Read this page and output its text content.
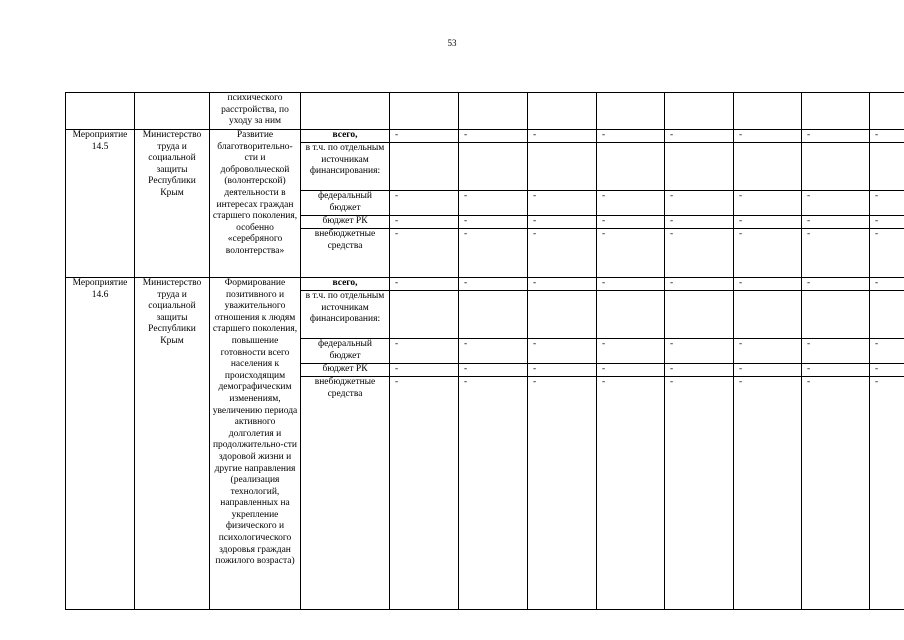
53
		психического расстройства, по уходу за ним									
Мероприятие 14.5	Министерство труда и социальной защиты Республики Крым	Развитие благотворительно-сти и добровольческой (волонтерской) деятельности в интересах граждан старшего поколения, особенно «серебряного волонтерства»	всего,	-	-	-	-	-	-	-	-
			в т.ч. по отдельным источникам финансирования:								
			федеральный бюджет	-	-	-	-	-	-	-	-
			бюджет РК	-	-	-	-	-	-	-	-
			внебюджетные средства	-	-	-	-	-	-	-	-
Мероприятие 14.6	Министерство труда и социальной защиты Республики Крым	Формирование позитивного и уважительного отношения к людям старшего поколения, повышение готовности всего населения к происходящим демографическим изменениям, увеличению периода активного долголетия и продолжительно-сти здоровой жизни и другие направления (реализация технологий, направленных на укрепление физического и психологического здоровья граждан пожилого возраста)	всего,	-	-	-	-	-	-	-	-
			в т.ч. по отдельным источникам финансирования:								
			федеральный бюджет	-	-	-	-	-	-	-	-
			бюджет РК	-	-	-	-	-	-	-	-
			внебюджетные средства	-	-	-	-	-	-	-	-
